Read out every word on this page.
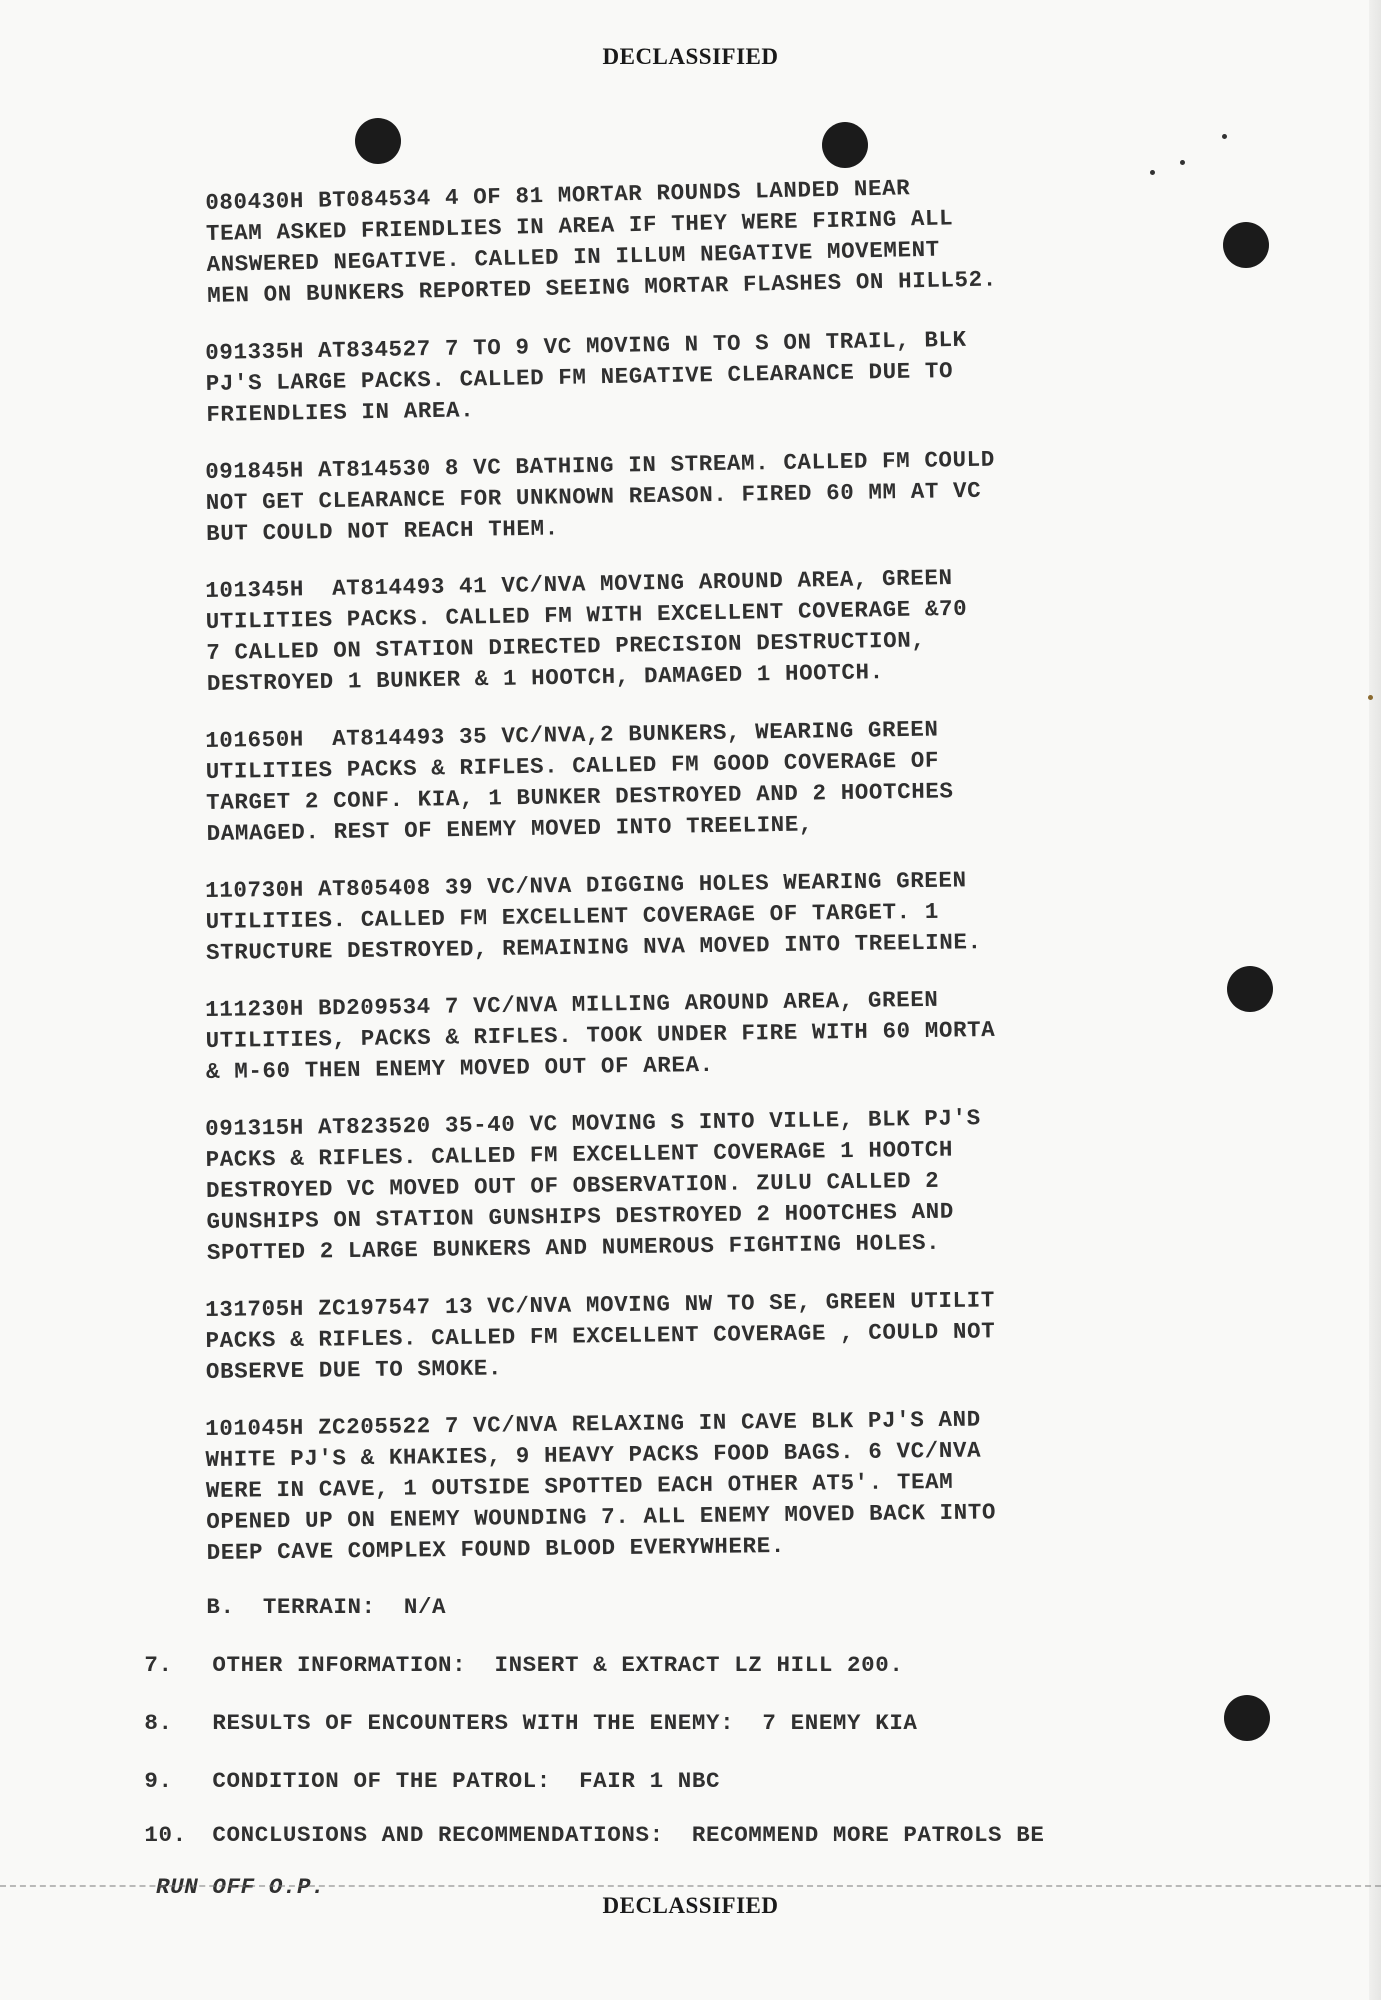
DECLASSIFIED

080430H BT084534 4 OF 81 MORTAR ROUNDS LANDED NEAR

TEAM ASKED FRIENDLIES IN AREA IF THEY WERE FIRING ALL

ANSWERED NEGATIVE. CALLED IN ILLUM NEGATIVE MOVEMENT

MEN ON BUNKERS REPORTED SEEING MORTAR FLASHES ON HILL52.

091335H AT834527 7 TO 9 VC MOVING N TO S ON TRAIL, BLK

PJ'S LARGE PACKS. CALLED FM NEGATIVE CLEARANCE DUE TO

FRIENDLIES IN AREA.

091845H AT814530 8 VC BATHING IN STREAM. CALLED FM COULD

NOT GET CLEARANCE FOR UNKNOWN REASON. FIRED 60 MM AT VC

BUT COULD NOT REACH THEM.

101345H  AT814493 41 VC/NVA MOVING AROUND AREA, GREEN

UTILITIES PACKS. CALLED FM WITH EXCELLENT COVERAGE &70

7 CALLED ON STATION DIRECTED PRECISION DESTRUCTION,

DESTROYED 1 BUNKER & 1 HOOTCH, DAMAGED 1 HOOTCH.

101650H  AT814493 35 VC/NVA,2 BUNKERS, WEARING GREEN

UTILITIES PACKS & RIFLES. CALLED FM GOOD COVERAGE OF

TARGET 2 CONF. KIA, 1 BUNKER DESTROYED AND 2 HOOTCHES

DAMAGED. REST OF ENEMY MOVED INTO TREELINE,

110730H AT805408 39 VC/NVA DIGGING HOLES WEARING GREEN

UTILITIES. CALLED FM EXCELLENT COVERAGE OF TARGET. 1

STRUCTURE DESTROYED, REMAINING NVA MOVED INTO TREELINE.

111230H BD209534 7 VC/NVA MILLING AROUND AREA, GREEN

UTILITIES, PACKS & RIFLES. TOOK UNDER FIRE WITH 60 MORTA

& M-60 THEN ENEMY MOVED OUT OF AREA.

091315H AT823520 35-40 VC MOVING S INTO VILLE, BLK PJ'S

PACKS & RIFLES. CALLED FM EXCELLENT COVERAGE 1 HOOTCH

DESTROYED VC MOVED OUT OF OBSERVATION. ZULU CALLED 2

GUNSHIPS ON STATION GUNSHIPS DESTROYED 2 HOOTCHES AND

SPOTTED 2 LARGE BUNKERS AND NUMEROUS FIGHTING HOLES.

131705H ZC197547 13 VC/NVA MOVING NW TO SE, GREEN UTILIT

PACKS & RIFLES. CALLED FM EXCELLENT COVERAGE , COULD NOT

OBSERVE DUE TO SMOKE.

101045H ZC205522 7 VC/NVA RELAXING IN CAVE BLK PJ'S AND

WHITE PJ'S & KHAKIES, 9 HEAVY PACKS FOOD BAGS. 6 VC/NVA

WERE IN CAVE, 1 OUTSIDE SPOTTED EACH OTHER AT5'. TEAM

OPENED UP ON ENEMY WOUNDING 7. ALL ENEMY MOVED BACK INTO

DEEP CAVE COMPLEX FOUND BLOOD EVERYWHERE.

B.  TERRAIN:  N/A

7. OTHER INFORMATION:  INSERT & EXTRACT LZ HILL 200.

8. RESULTS OF ENCOUNTERS WITH THE ENEMY:  7 ENEMY KIA

9. CONDITION OF THE PATROL:  FAIR 1 NBC

10. CONCLUSIONS AND RECOMMENDATIONS:  RECOMMEND MORE PATROLS BE

RUN OFF O.P.

DECLASSIFIED
